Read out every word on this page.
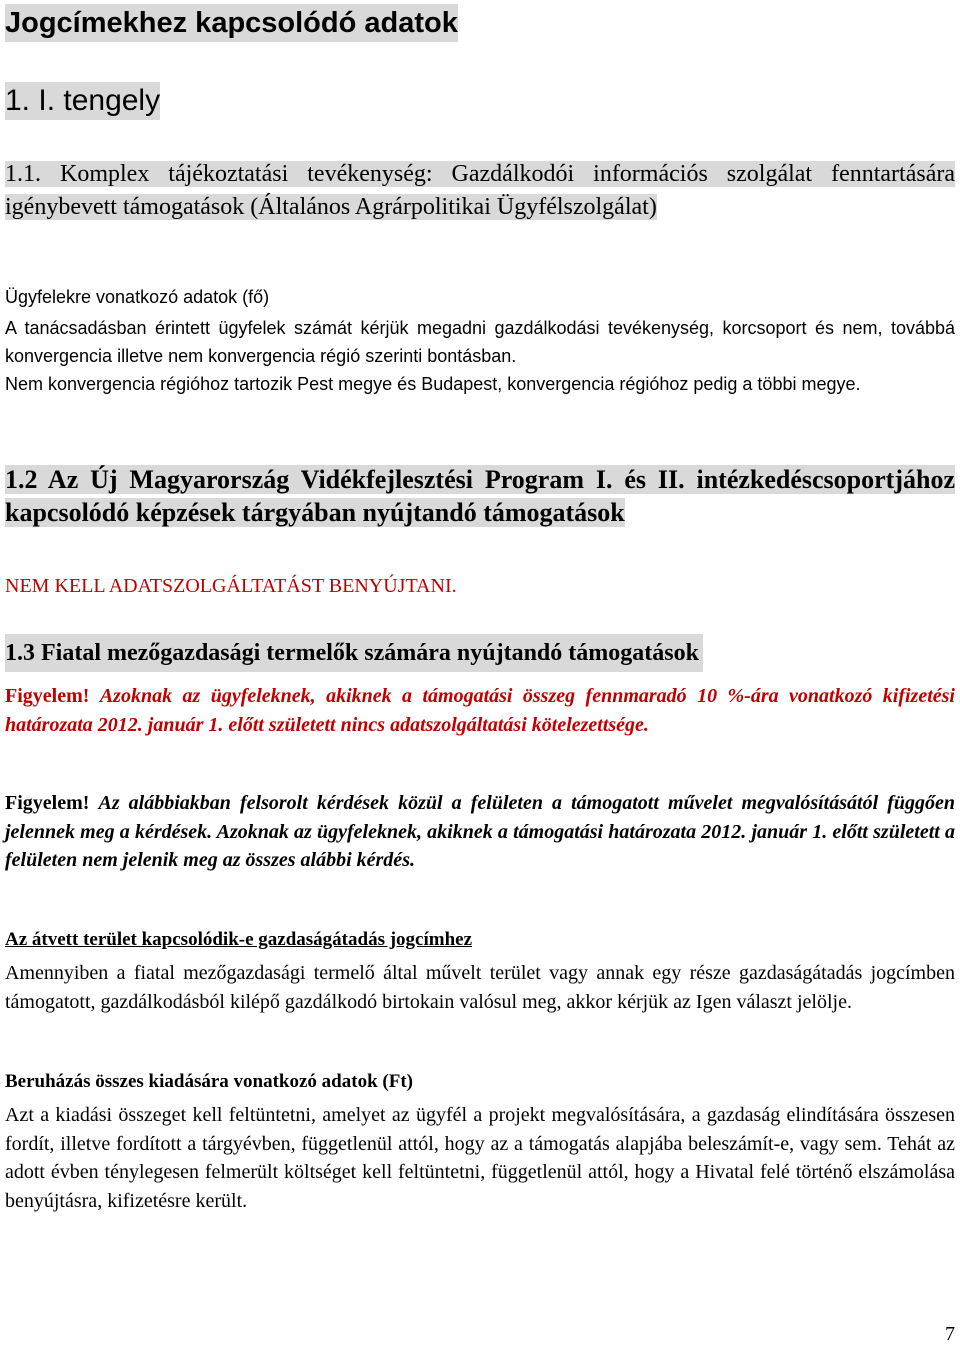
Jogcímekhez kapcsolódó adatok
1. I. tengely
1.1. Komplex tájékoztatási tevékenység: Gazdálkodói információs szolgálat fenntartására igénybevett támogatások (Általános Agrárpolitikai Ügyfélszolgálat)
Ügyfelekre vonatkozó adatok (fő)
A tanácsadásban érintett ügyfelek számát kérjük megadni gazdálkodási tevékenység, korcsoport és nem, továbbá konvergencia illetve nem konvergencia régió szerinti bontásban.
Nem konvergencia régióhoz tartozik Pest megye és Budapest, konvergencia régióhoz pedig a többi megye.
1.2 Az Új Magyarország Vidékfejlesztési Program I. és II. intézkedéscsoportjához kapcsolódó képzések tárgyában nyújtandó támogatások
NEM KELL ADATSZOLGÁLTATÁST BENYÚJTANI.
1.3 Fiatal mezőgazdasági termelők számára nyújtandó támogatások
Figyelem! Azoknak az ügyfeleknek, akiknek a támogatási összeg fennmaradó 10 %-ára vonatkozó kifizetési határozata 2012. január 1. előtt született nincs adatszolgáltatási kötelezettsége.
Figyelem! Az alábbiakban felsorolt kérdések közül a felületen a támogatott művelet megvalósításától függően jelennek meg a kérdések. Azoknak az ügyfeleknek, akiknek a támogatási határozata 2012. január 1. előtt született a felületen nem jelenik meg az összes alábbi kérdés.
Az átvett terület kapcsolódik-e gazdaságátadás jogcímhez
Amennyiben a fiatal mezőgazdasági termelő által művelt terület vagy annak egy része gazdaságátadás jogcímben támogatott, gazdálkodásból kilépő gazdálkodó birtokain valósul meg, akkor kérjük az Igen választ jelölje.
Beruházás összes kiadására vonatkozó adatok (Ft)
Azt a kiadási összeget kell feltüntetni, amelyet az ügyfél a projekt megvalósítására, a gazdaság elindítására összesen fordít, illetve fordított a tárgyévben, függetlenül attól, hogy az a támogatás alapjába beleszámít-e, vagy sem. Tehát az adott évben ténylegesen felmerült költséget kell feltüntetni, függetlenül attól, hogy a Hivatal felé történő elszámolása benyújtásra, kifizetésre került.
7
